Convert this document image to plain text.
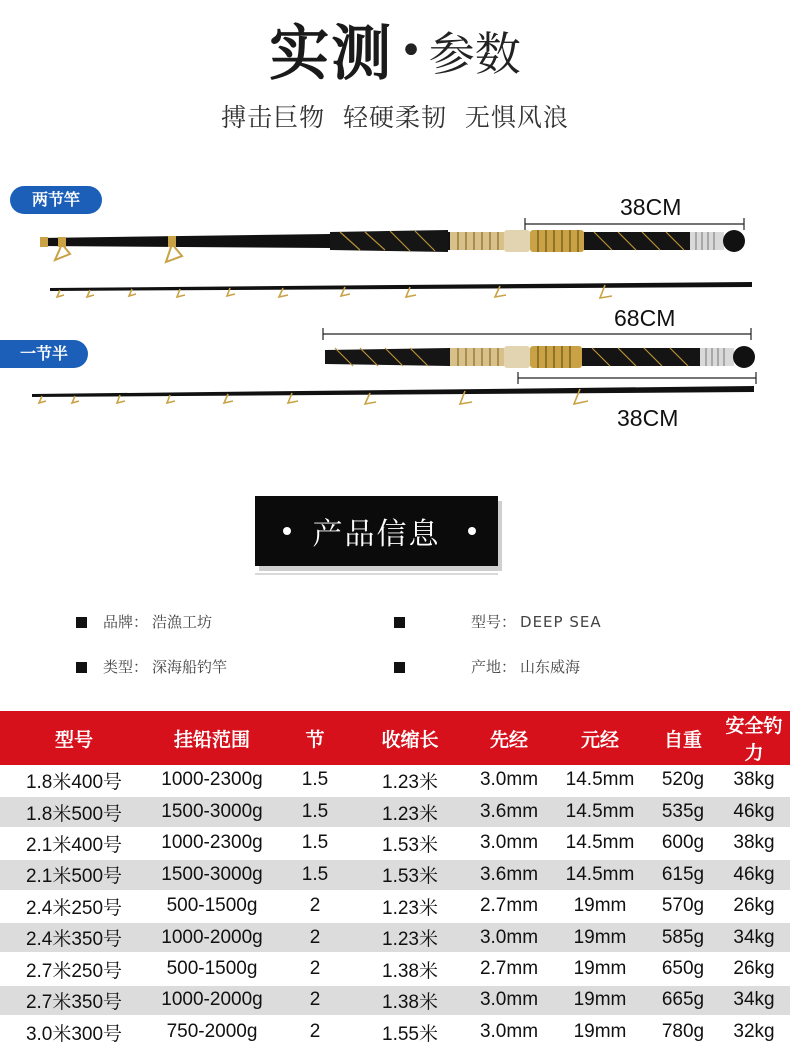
实测 • 参数
搏击巨物  轻硬柔韧  无惧风浪
两节竿
一节半
38CM
68CM
38CM
产品信息
品牌： 浩漁工坊	型号： DEEP SEA
类型： 深海船钓竿	产地： 山东威海
型号	挂铅范围	节	收缩长	先经	元经	自重	安全钓力
1.8米400号	1000-2300g	1.5	1.23米	3.0mm	14.5mm	520g	38kg
1.8米500号	1500-3000g	1.5	1.23米	3.6mm	14.5mm	535g	46kg
2.1米400号	1000-2300g	1.5	1.53米	3.0mm	14.5mm	600g	38kg
2.1米500号	1500-3000g	1.5	1.53米	3.6mm	14.5mm	615g	46kg
2.4米250号	500-1500g	2	1.23米	2.7mm	19mm	570g	26kg
2.4米350号	1000-2000g	2	1.23米	3.0mm	19mm	585g	34kg
2.7米250号	500-1500g	2	1.38米	2.7mm	19mm	650g	26kg
2.7米350号	1000-2000g	2	1.38米	3.0mm	19mm	665g	34kg
3.0米300号	750-2000g	2	1.55米	3.0mm	19mm	780g	32kg
